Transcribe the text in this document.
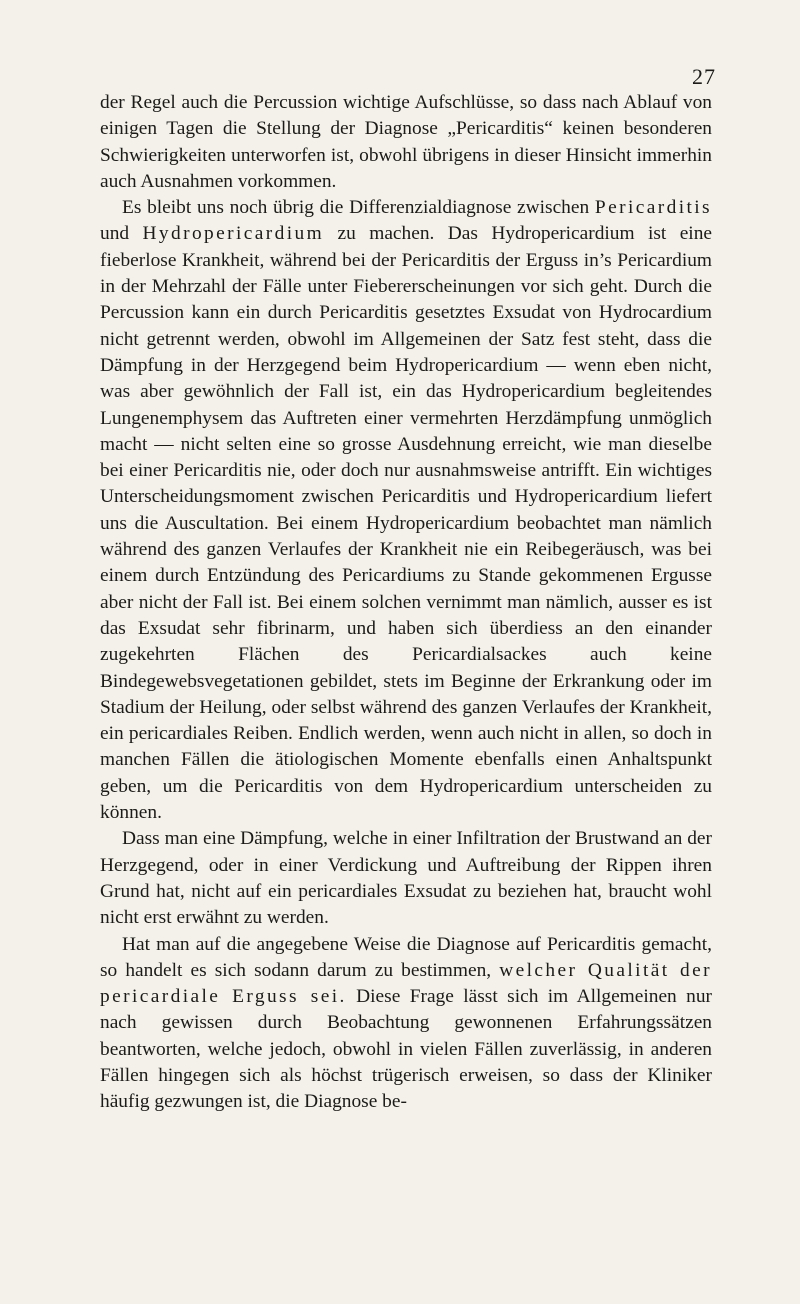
27

der Regel auch die Percussion wichtige Aufschlüsse, so dass nach Ablauf von einigen Tagen die Stellung der Diagnose „Pericarditis“ keinen besonderen Schwierigkeiten unterworfen ist, obwohl übrigens in dieser Hinsicht immerhin auch Ausnahmen vorkommen.

Es bleibt uns noch übrig die Differenzialdiagnose zwischen Pericarditis und Hydropericardium zu machen. Das Hydropericardium ist eine fieberlose Krankheit, während bei der Pericarditis der Erguss in’s Pericardium in der Mehrzahl der Fälle unter Fiebererscheinungen vor sich geht. Durch die Percussion kann ein durch Pericarditis gesetztes Exsudat von Hydrocardium nicht getrennt werden, obwohl im Allgemeinen der Satz fest steht, dass die Dämpfung in der Herzgegend beim Hydropericardium — wenn eben nicht, was aber gewöhnlich der Fall ist, ein das Hydropericardium begleitendes Lungenemphysem das Auftreten einer vermehrten Herzdämpfung unmöglich macht — nicht selten eine so grosse Ausdehnung erreicht, wie man dieselbe bei einer Pericarditis nie, oder doch nur ausnahmsweise antrifft. Ein wichtiges Unterscheidungsmoment zwischen Pericarditis und Hydropericardium liefert uns die Auscultation. Bei einem Hydropericardium beobachtet man nämlich während des ganzen Verlaufes der Krankheit nie ein Reibegeräusch, was bei einem durch Entzündung des Pericardiums zu Stande gekommenen Ergusse aber nicht der Fall ist. Bei einem solchen vernimmt man nämlich, ausser es ist das Exsudat sehr fibrinarm, und haben sich überdiess an den einander zugekehrten Flächen des Pericardialsackes auch keine Bindegewebsvegetationen gebildet, stets im Beginne der Erkrankung oder im Stadium der Heilung, oder selbst während des ganzen Verlaufes der Krankheit, ein pericardiales Reiben. Endlich werden, wenn auch nicht in allen, so doch in manchen Fällen die ätiologischen Momente ebenfalls einen Anhaltspunkt geben, um die Pericarditis von dem Hydropericardium unterscheiden zu können.

Dass man eine Dämpfung, welche in einer Infiltration der Brustwand an der Herzgegend, oder in einer Verdickung und Auftreibung der Rippen ihren Grund hat, nicht auf ein pericardiales Exsudat zu beziehen hat, braucht wohl nicht erst erwähnt zu werden.

Hat man auf die angegebene Weise die Diagnose auf Pericarditis gemacht, so handelt es sich sodann darum zu bestimmen, welcher Qualität der pericardiale Erguss sei. Diese Frage lässt sich im Allgemeinen nur nach gewissen durch Beobachtung gewonnenen Erfahrungssätzen beantworten, welche jedoch, obwohl in vielen Fällen zuverlässig, in anderen Fällen hingegen sich als höchst trügerisch erweisen, so dass der Kliniker häufig gezwungen ist, die Diagnose be-
